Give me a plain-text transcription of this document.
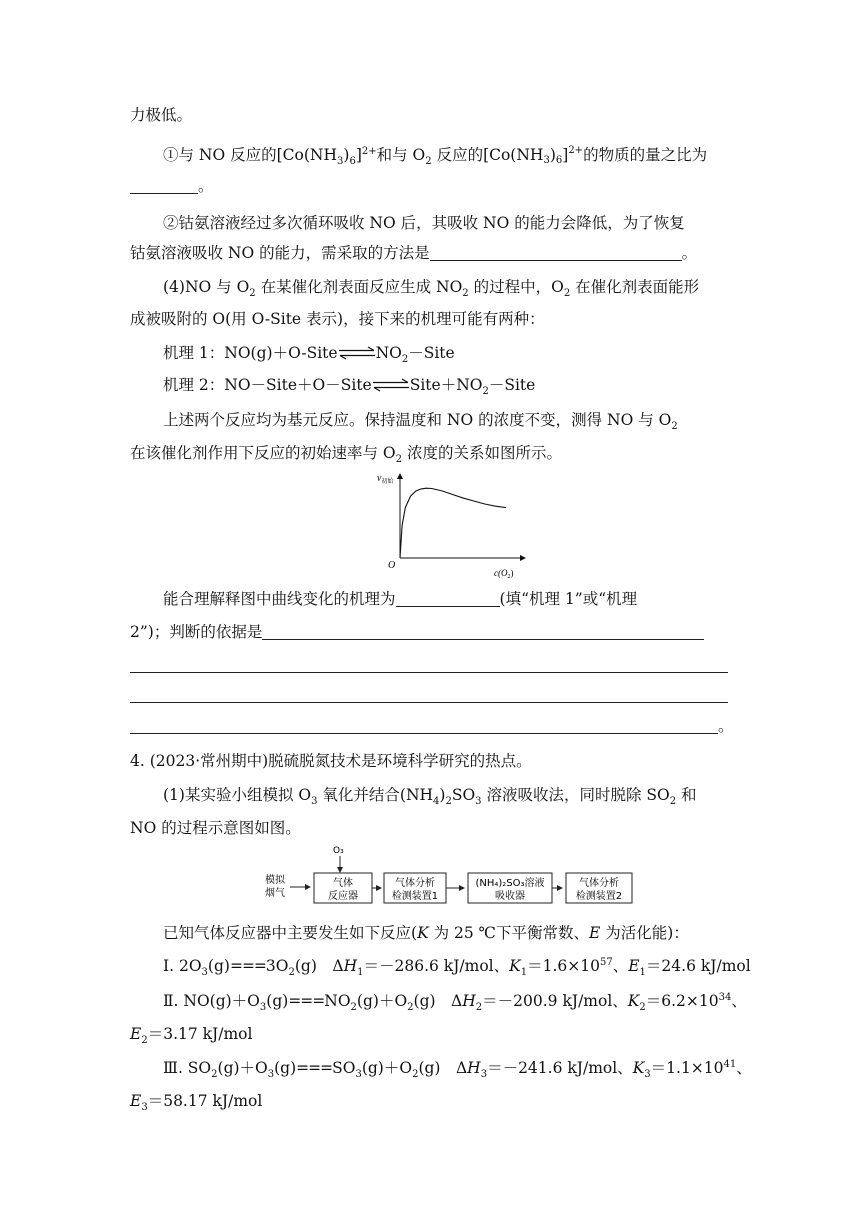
力极低。
①与 NO 反应的$[Co(NH_3)_6]^{2+}$和与 $O_2$ 反应的$[Co(NH3)6]^{2+}$的物质的量之比为
。
②钴氨溶液经过多次循环吸收 NO 后，其吸收 NO 的能力会降低，为了恢复
钴氨溶液吸收 NO 的能力，需采取的方法是	。
(4)NO 与 $O_2$ 在某催化剂表面反应生成 $NO_2$ 的过程中，$O_2$ 在催化剂表面能形
成被吸附的 O(用 O-Site 表示)，接下来的机理可能有两种：
机理 1：$NO(g)+O-Site\rightleftharpoons NO_2-Site$
机理 2：$NO-Site+O-Site\rightleftharpoons Site+NO_2-Site$
上述两个反应均为基元反应。保持温度和 NO 的浓度不变，测得 NO 与 $O_2$
在该催化剂作用下反应的初始速率与 $O_2$ 浓度的关系如图所示。
$v_{初始}$
O
$c(O_2)$
能合理解释图中曲线变化的机理为	(填“机理 1”或“机理
2”)；判断的依据是
。
4. (2023·常州期中)脱硫脱氮技术是环境科学研究的热点。
(1)某实验小组模拟 $O_3$ 氧化并结合$(NH_4)_2SO_3$ 溶液吸收法，同时脱除 $SO_2$ 和
NO 的过程示意图如图。
模拟
烟气
O₃
气体
反应器
气体分析
检测装置1
(NH₄)₂SO₃溶液
吸收器
气体分析
检测装置2
已知气体反应器中主要发生如下反应(K 为 25 ℃下平衡常数、E 为活化能)：
Ⅰ. $2O_3(g)===3O_2(g)$　$\Delta H_1=-286.6$ kJ/mol、$K_1=1.6\times 10^{57}$、$E_1=24.6$ kJ/mol
Ⅱ. $NO(g)+O_3(g)===NO_2(g)+O_2(g)$　$\Delta H_2=-200.9$ kJ/mol、$K_2=6.2\times 10^{34}$、
$E_2=3.17$ kJ/mol
Ⅲ. $SO_2(g)+O_3(g)===SO_3(g)+O_2(g)$　$\Delta H_3=-241.6$ kJ/mol、$K_3=1.1\times 10^{41}$、
$E_3=58.17$ kJ/mol
